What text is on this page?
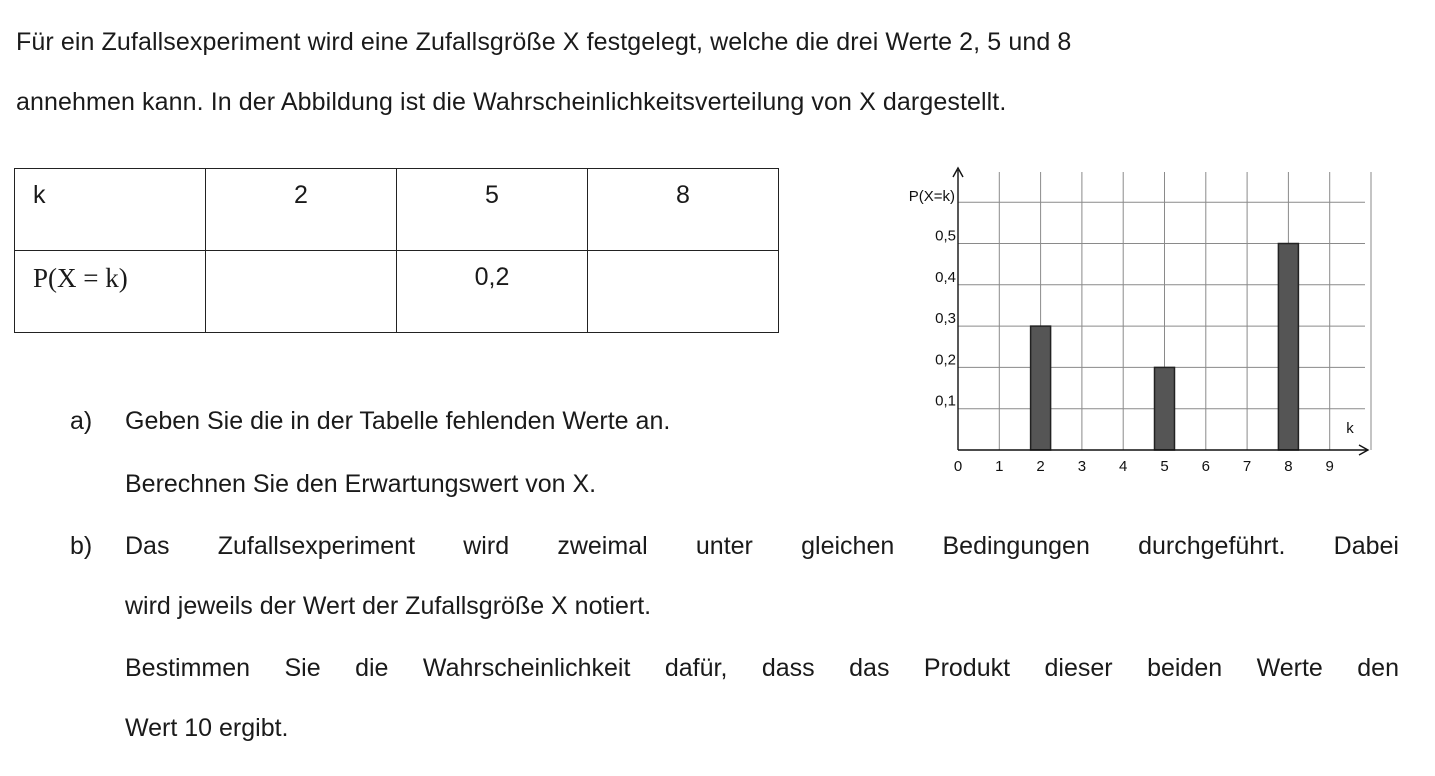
Für ein Zufallsexperiment wird eine Zufallsgröße X festgelegt, welche die drei Werte 2, 5 und 8
annehmen kann. In der Abbildung ist die Wahrscheinlichkeitsverteilung von X dargestellt.
k	2	5	8
P(X = k)		0,2	
a) Geben Sie die in der Tabelle fehlenden Werte an.
Berechnen Sie den Erwartungswert von X.
b) Das Zufallsexperiment wird zweimal unter gleichen Bedingungen durchgeführt. Dabei
wird jeweils der Wert der Zufallsgröße X notiert.
Bestimmen Sie die Wahrscheinlichkeit dafür, dass das Produkt dieser beiden Werte den
Wert 10 ergibt.
0 1 2 3 4 5 6 7 8 9
0,1
0,2
0,3
0,4
0,5
P(X=k)
k
